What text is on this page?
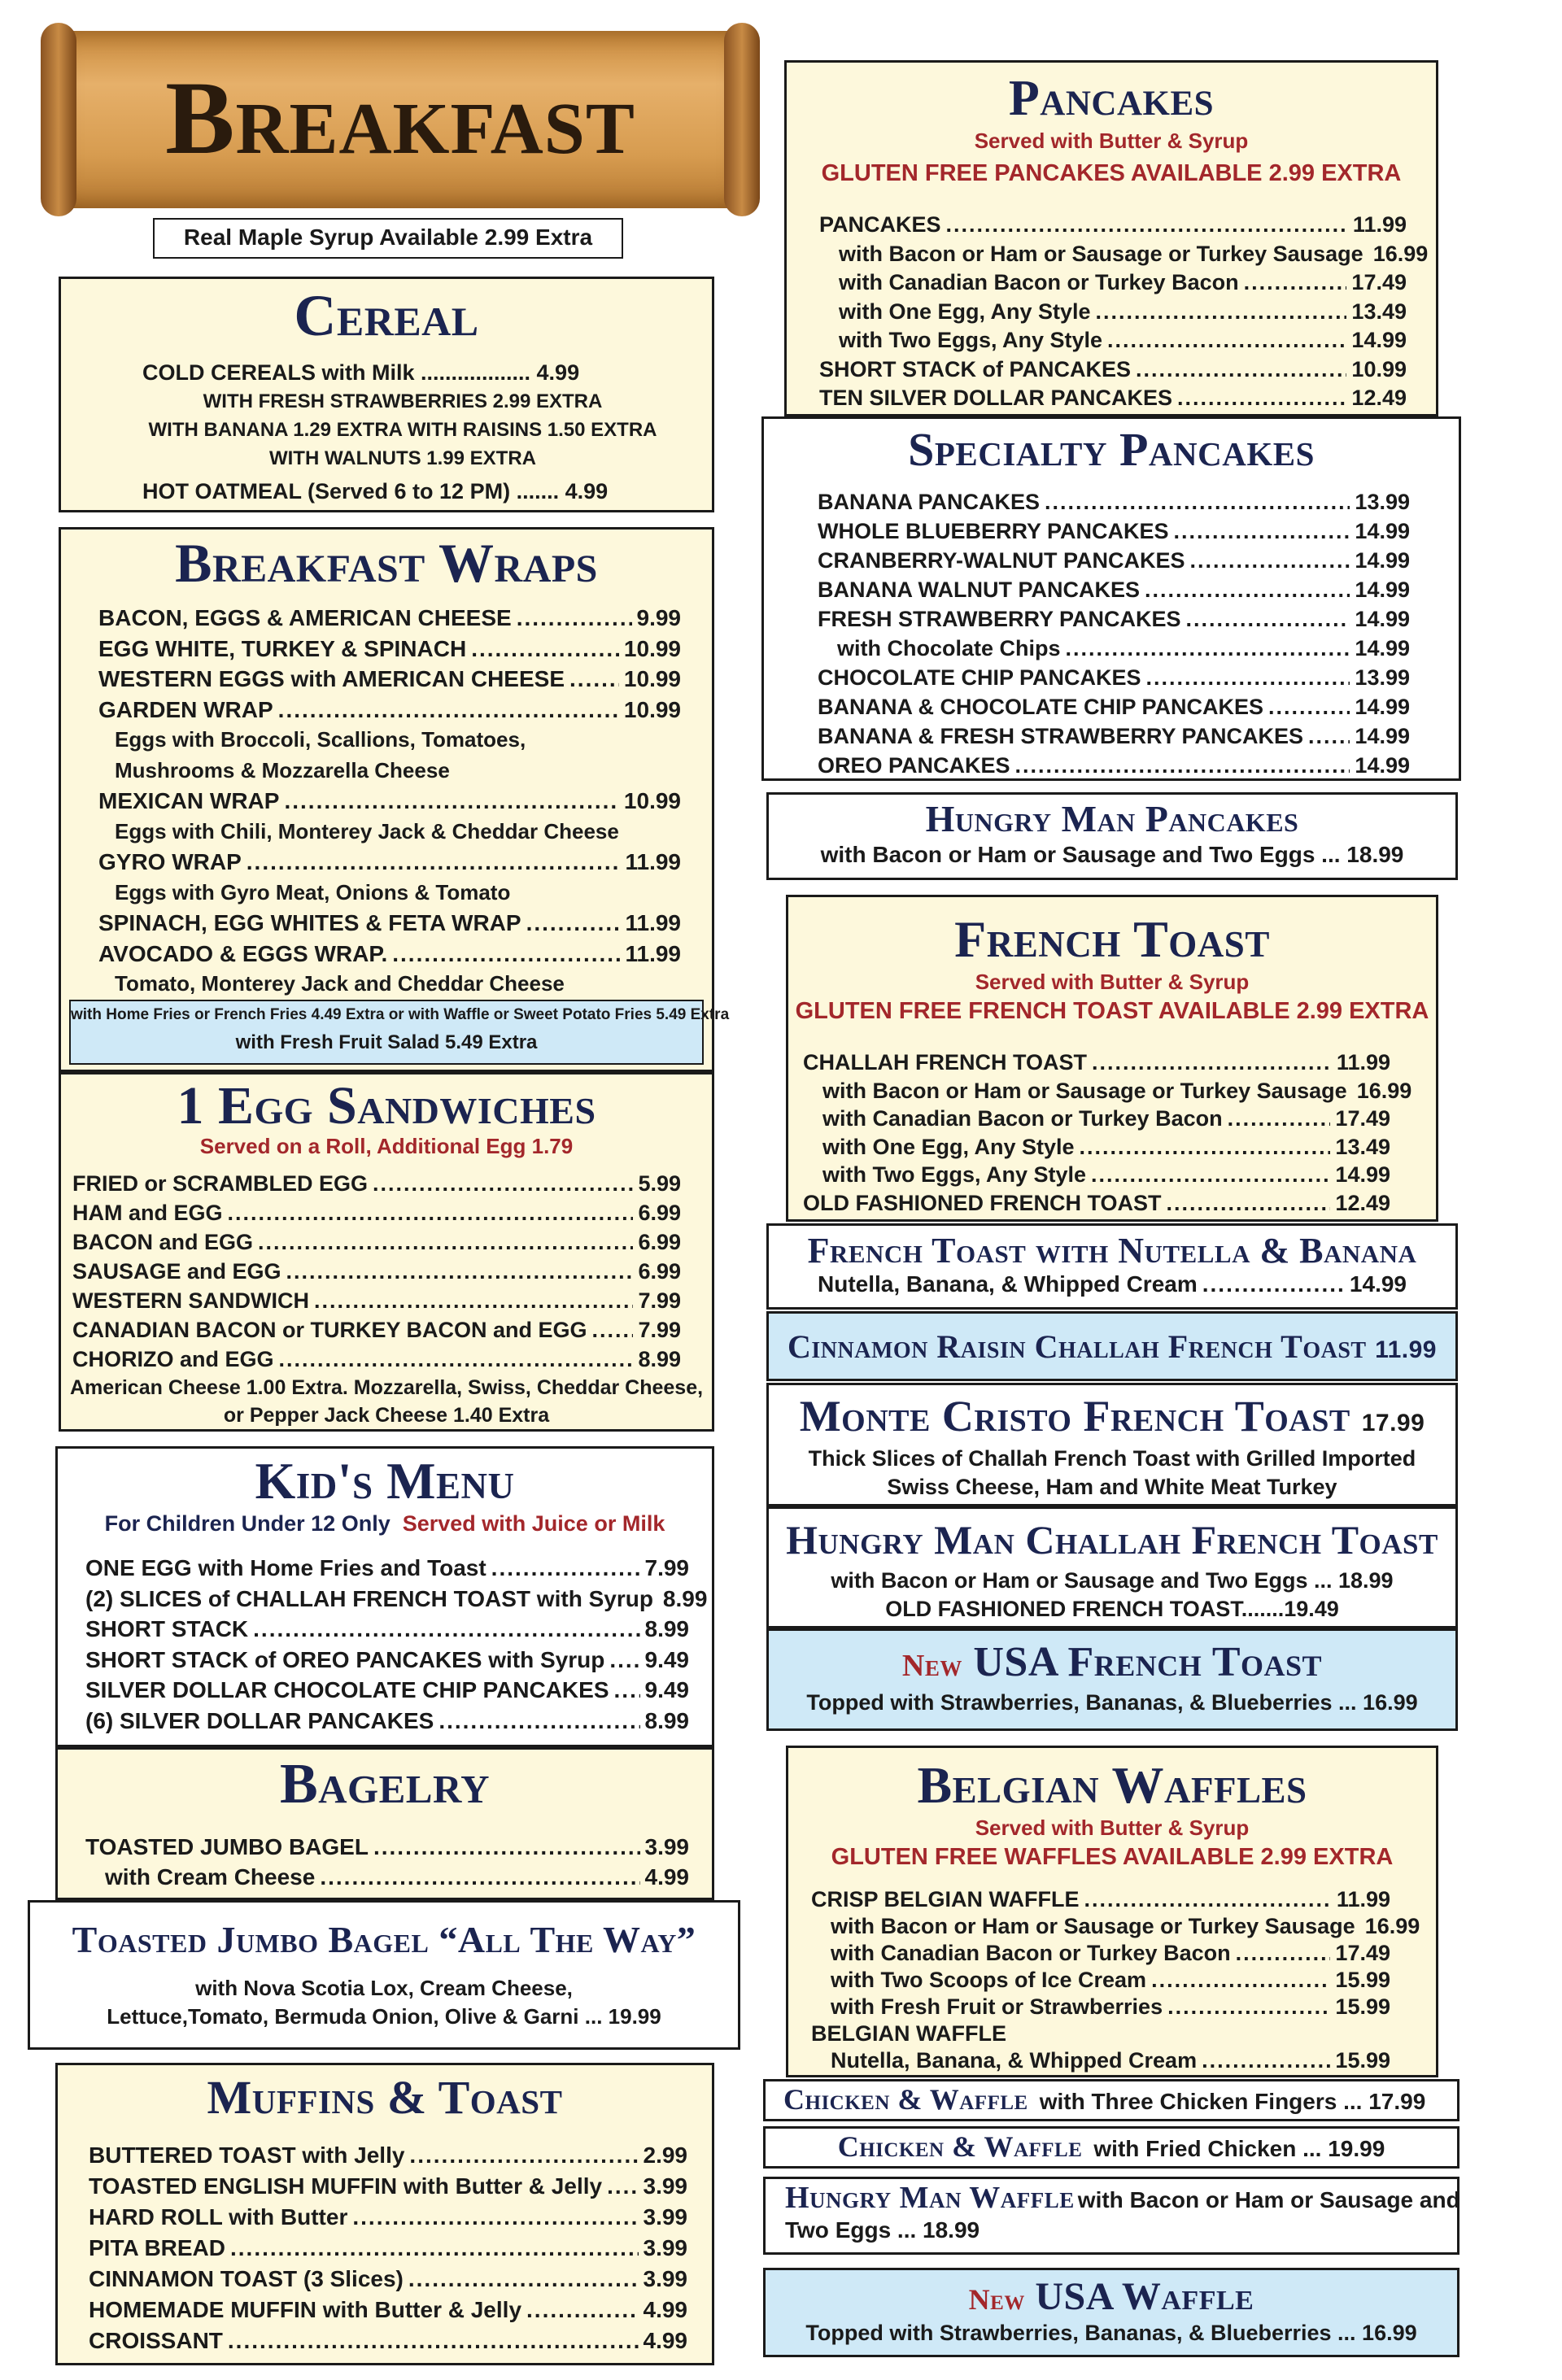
Breakfast
Real Maple Syrup Available 2.99 Extra
Cereal
COLD CEREALS with Milk .................. 4.99
WITH FRESH STRAWBERRIES 2.99 EXTRA
WITH BANANA 1.29 EXTRA WITH RAISINS 1.50 EXTRA
WITH WALNUTS 1.99 EXTRA
HOT OATMEAL (Served 6 to 12 PM) ....... 4.99
Breakfast Wraps
BACON, EGGS & AMERICAN CHEESE .....	9.99
EGG WHITE, TURKEY & SPINACH .....	10.99
WESTERN EGGS with AMERICAN CHEESE .....	10.99
GARDEN WRAP .....	10.99
Eggs with Broccoli, Scallions, Tomatoes,
Mushrooms & Mozzarella Cheese
MEXICAN WRAP .....	10.99
Eggs with Chili, Monterey Jack & Cheddar Cheese
GYRO WRAP .....	11.99
Eggs with Gyro Meat, Onions & Tomato
SPINACH, EGG WHITES & FETA WRAP .....	11.99
AVOCADO & EGGS WRAP. .....	11.99
Tomato, Monterey Jack and Cheddar Cheese
with Home Fries or French Fries 4.49 Extra or with Waffle or Sweet Potato Fries 5.49 Extra
with Fresh Fruit Salad 5.49 Extra
1 Egg Sandwiches
Served on a Roll, Additional Egg 1.79
FRIED or SCRAMBLED EGG .....	5.99
HAM and EGG .....	6.99
BACON and EGG .....	6.99
SAUSAGE and EGG .....	6.99
WESTERN SANDWICH .....	7.99
CANADIAN BACON or TURKEY BACON and EGG ..... 7.99
CHORIZO and EGG .....	8.99
American Cheese 1.00 Extra. Mozzarella, Swiss, Cheddar Cheese,
or Pepper Jack Cheese 1.40 Extra
Kid's Menu
For Children Under 12 Only Served with Juice or Milk
ONE EGG with Home Fries and Toast .....	7.99
(2) SLICES of CHALLAH FRENCH TOAST with Syrup 8.99
SHORT STACK .....	8.99
SHORT STACK of OREO PANCAKES with Syrup ..... 9.49
SILVER DOLLAR CHOCOLATE CHIP PANCAKES ..... 9.49
(6) SILVER DOLLAR PANCAKES .....	8.99
Bagelry
TOASTED JUMBO BAGEL .....	3.99
with Cream Cheese .....	4.99
Toasted Jumbo Bagel “All The Way”
with Nova Scotia Lox, Cream Cheese,
Lettuce,Tomato, Bermuda Onion, Olive & Garni ... 19.99
Muffins & Toast
BUTTERED TOAST with Jelly .....	2.99
TOASTED ENGLISH MUFFIN with Butter & Jelly ..... 3.99
HARD ROLL with Butter .....	3.99
PITA BREAD .....	3.99
CINNAMON TOAST (3 Slices) .....	3.99
HOMEMADE MUFFIN with Butter & Jelly .....	4.99
CROISSANT .....	4.99
Pancakes
Served with Butter & Syrup
GLUTEN FREE PANCAKES AVAILABLE 2.99 EXTRA
PANCAKES .....	11.99
with Bacon or Ham or Sausage or Turkey Sausage 16.99
with Canadian Bacon or Turkey Bacon .....	17.49
with One Egg, Any Style .....	13.49
with Two Eggs, Any Style .....	14.99
SHORT STACK of PANCAKES .....	10.99
TEN SILVER DOLLAR PANCAKES .....	12.49
Specialty Pancakes
BANANA PANCAKES .....	13.99
WHOLE BLUEBERRY PANCAKES .....	14.99
CRANBERRY-WALNUT PANCAKES .....	14.99
BANANA WALNUT PANCAKES .....	14.99
FRESH STRAWBERRY PANCAKES .....	14.99
with Chocolate Chips .....	14.99
CHOCOLATE CHIP PANCAKES .....	13.99
BANANA & CHOCOLATE CHIP PANCAKES .....	14.99
BANANA & FRESH STRAWBERRY PANCAKES ..... 14.99
OREO PANCAKES .....	14.99
Hungry Man Pancakes
with Bacon or Ham or Sausage and Two Eggs ... 18.99
French Toast
Served with Butter & Syrup
GLUTEN FREE FRENCH TOAST AVAILABLE 2.99 EXTRA
CHALLAH FRENCH TOAST .....	11.99
with Bacon or Ham or Sausage or Turkey Sausage 16.99
with Canadian Bacon or Turkey Bacon .....	17.49
with One Egg, Any Style .....	13.49
with Two Eggs, Any Style .....	14.99
OLD FASHIONED FRENCH TOAST .....	12.49
French Toast with Nutella & Banana
Nutella, Banana, & Whipped Cream .....	14.99
Cinnamon Raisin Challah French Toast 11.99
Monte Cristo French Toast 17.99
Thick Slices of Challah French Toast with Grilled Imported
Swiss Cheese, Ham and White Meat Turkey
Hungry Man Challah French Toast
with Bacon or Ham or Sausage and Two Eggs ... 18.99
OLD FASHIONED FRENCH TOAST.......19.49
New USA French Toast
Topped with Strawberries, Bananas, & Blueberries ... 16.99
Belgian Waffles
Served with Butter & Syrup
GLUTEN FREE WAFFLES AVAILABLE 2.99 EXTRA
CRISP BELGIAN WAFFLE .....	11.99
with Bacon or Ham or Sausage or Turkey Sausage 16.99
with Canadian Bacon or Turkey Bacon .....	17.49
with Two Scoops of Ice Cream .....	15.99
with Fresh Fruit or Strawberries .....	15.99
BELGIAN WAFFLE
Nutella, Banana, & Whipped Cream .....	15.99
Chicken & Waffle with Three Chicken Fingers ... 17.99
Chicken & Waffle with Fried Chicken ... 19.99
Hungry Man Waffle with Bacon or Ham or Sausage and
Two Eggs ... 18.99
New USA Waffle
Topped with Strawberries, Bananas, & Blueberries ... 16.99
